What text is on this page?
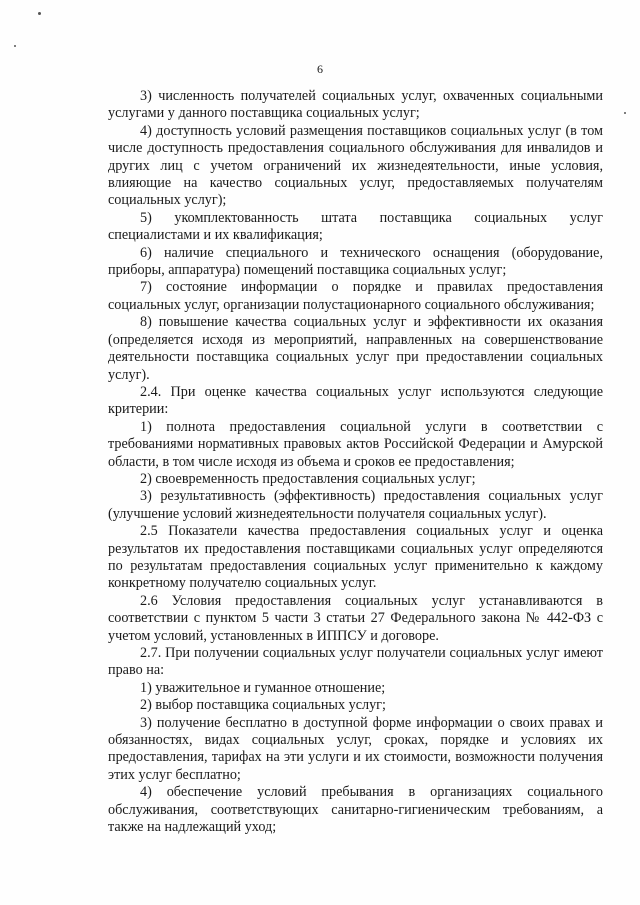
6

3) численность получателей социальных услуг, охваченных социальными услугами у данного поставщика социальных услуг;

4) доступность условий размещения поставщиков социальных услуг (в том числе доступность предоставления социального обслуживания для инвалидов и других лиц с учетом ограничений их жизнедеятельности, иные условия, влияющие на качество социальных услуг, предоставляемых получателям социальных услуг);

5) укомплектованность штата поставщика социальных услуг специалистами и их квалификация;

6) наличие специального и технического оснащения (оборудование, приборы, аппаратура) помещений поставщика социальных услуг;

7) состояние информации о порядке и правилах предоставления социальных услуг, организации полустационарного социального обслуживания;

8) повышение качества социальных услуг и эффективности их оказания (определяется исходя из мероприятий, направленных на совершенствование деятельности поставщика социальных услуг при предоставлении социальных услуг).

2.4. При оценке качества социальных услуг используются следующие критерии:

1) полнота предоставления социальной услуги в соответствии с требованиями нормативных правовых актов Российской Федерации и Амурской области, в том числе исходя из объема и сроков ее предоставления;

2) своевременность предоставления социальных услуг;

3) результативность (эффективность) предоставления социальных услуг (улучшение условий жизнедеятельности получателя социальных услуг).

2.5 Показатели качества предоставления социальных услуг и оценка результатов их предоставления поставщиками социальных услуг определяются по результатам предоставления социальных услуг применительно к каждому конкретному получателю социальных услуг.

2.6 Условия предоставления социальных услуг устанавливаются в соответствии с пунктом 5 части 3 статьи 27 Федерального закона № 442-ФЗ с учетом условий, установленных в ИППСУ и договоре.

2.7. При получении социальных услуг получатели социальных услуг имеют право на:

1) уважительное и гуманное отношение;

2) выбор поставщика социальных услуг;

3) получение бесплатно в доступной форме информации о своих правах и обязанностях, видах социальных услуг, сроках, порядке и условиях их предоставления, тарифах на эти услуги и их стоимости, возможности получения этих услуг бесплатно;

4) обеспечение условий пребывания в организациях социального обслуживания, соответствующих санитарно-гигиеническим требованиям, а также на надлежащий уход;
